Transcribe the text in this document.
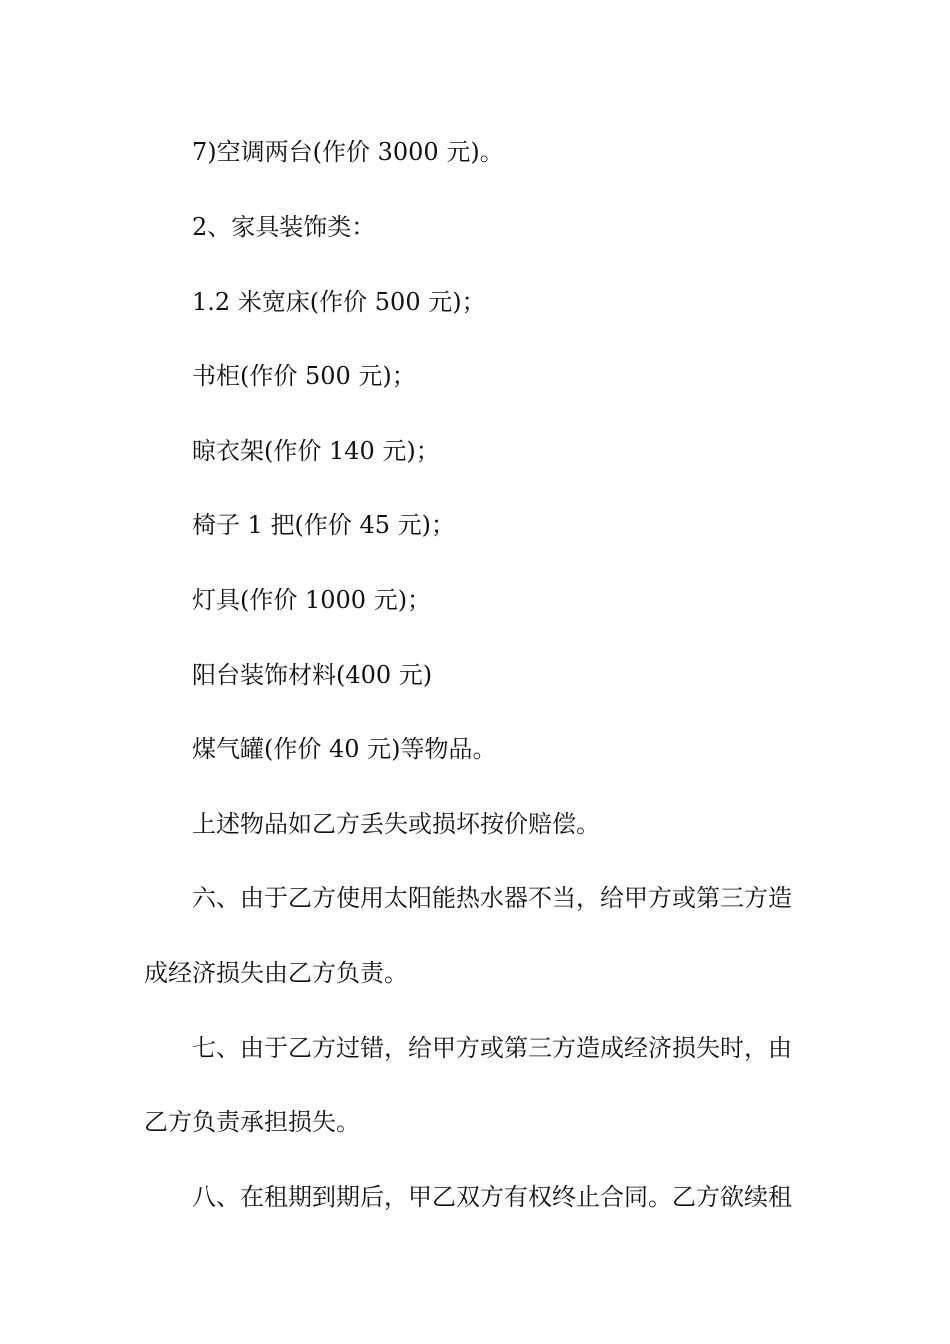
7)空调两台(作价 3000 元)。
2、家具装饰类：
1.2 米宽床(作价 500 元)；
书柜(作价 500 元)；
晾衣架(作价 140 元)；
椅子 1 把(作价 45 元)；
灯具(作价 1000 元)；
阳台装饰材料(400 元)
煤气罐(作价 40 元)等物品。
上述物品如乙方丢失或损坏按价赔偿。
六、由于乙方使用太阳能热水器不当，给甲方或第三方造
成经济损失由乙方负责。
七、由于乙方过错，给甲方或第三方造成经济损失时，由
乙方负责承担损失。
八、在租期到期后，甲乙双方有权终止合同。乙方欲续租
